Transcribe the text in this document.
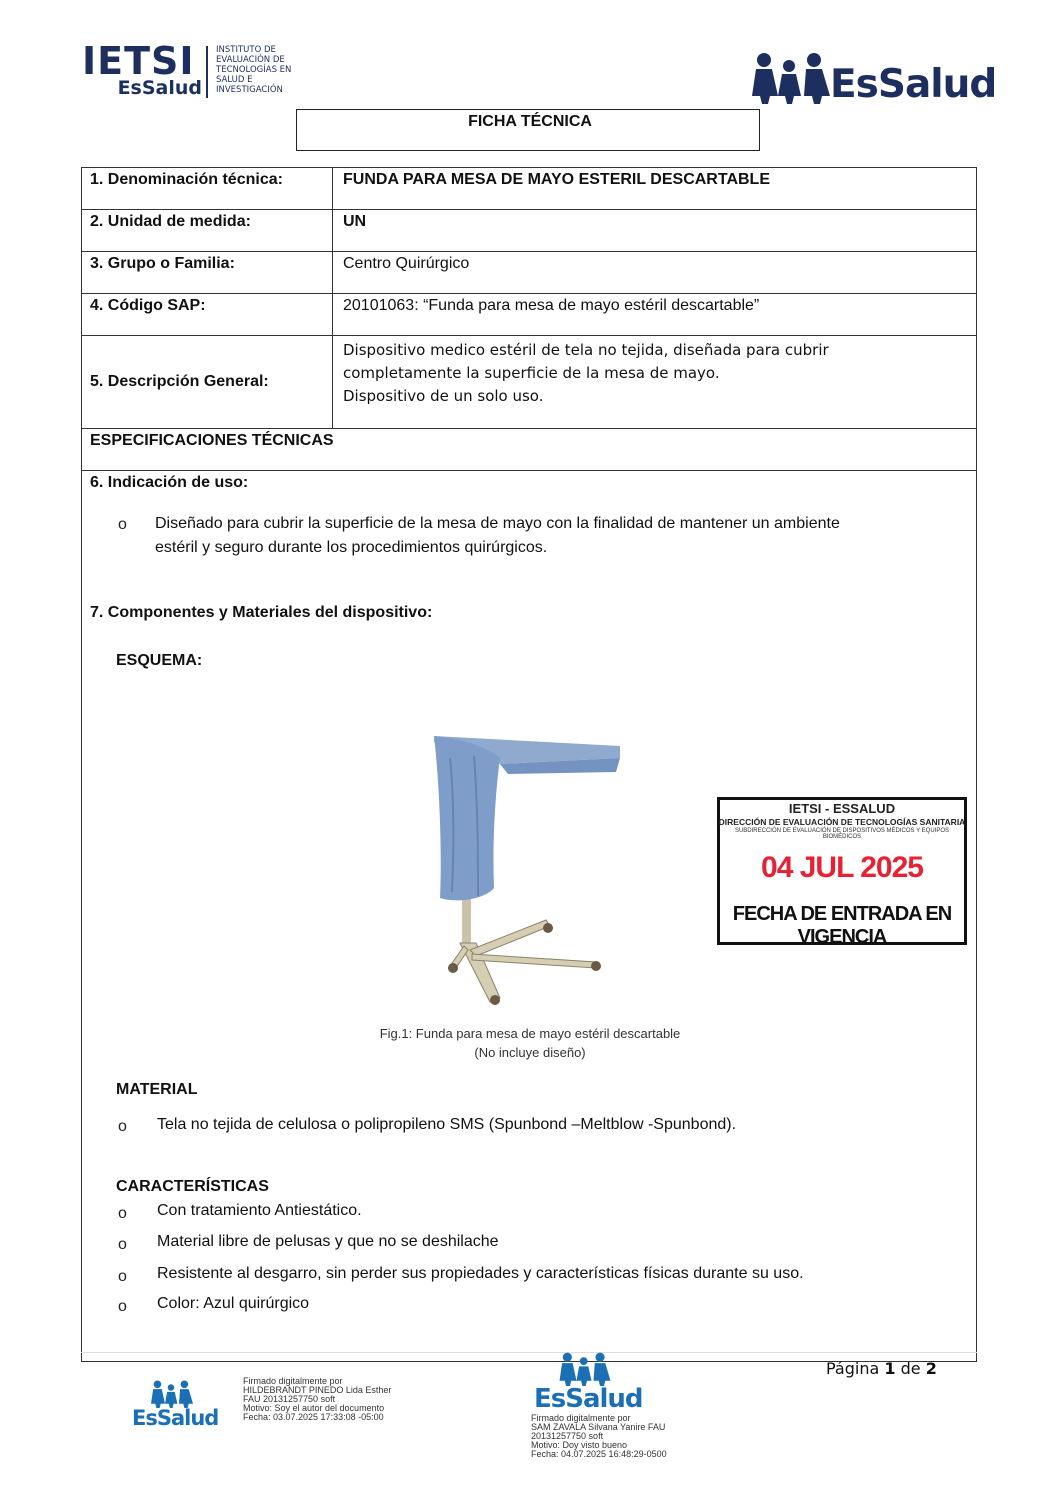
IETSI
EsSalud
INSTITUTO DE
EVALUACIÓN DE
TECNOLOGÍAS EN
SALUD E
INVESTIGACIÓN	EsSalud
FICHA TÉCNICA
1. Denominación técnica:	FUNDA PARA MESA DE MAYO ESTERIL DESCARTABLE
2. Unidad de medida:	UN
3. Grupo o Familia:	Centro Quirúrgico
4. Código SAP:	20101063: “Funda para mesa de mayo estéril descartable”
5. Descripción General:
Dispositivo medico estéril de tela no tejida, diseñada para cubrir
completamente la superficie de la mesa de mayo.
Dispositivo de un solo uso.
ESPECIFICACIONES TÉCNICAS
6. Indicación de uso:
o Diseñado para cubrir la superficie de la mesa de mayo con la finalidad de mantener un ambiente
estéril y seguro durante los procedimientos quirúrgicos.
7. Componentes y Materiales del dispositivo:
ESQUEMA:
Fig.1: Funda para mesa de mayo estéril descartable
(No incluye diseño)
IETSI - ESSALUD
DIRECCIÓN DE EVALUACIÓN DE TECNOLOGÍAS SANITARIA
SUBDIRECCIÓN DE EVALUACIÓN DE DISPOSITIVOS MÉDICOS Y EQUIPOS BIOMÉDICOS
04 JUL 2025
FECHA DE ENTRADA EN VIGENCIA
MATERIAL
o Tela no tejida de celulosa o polipropileno SMS (Spunbond –Meltblow -Spunbond).
CARACTERÍSTICAS
o Con tratamiento Antiestático.
o Material libre de pelusas y que no se deshilache
o Resistente al desgarro, sin perder sus propiedades y características físicas durante su uso.
o Color: Azul quirúrgico
Página 1 de 2
EsSalud
Firmado digitalmente por
HILDEBRANDT PINEDO Lida Esther
FAU 20131257750 soft
Motivo: Soy el autor del documento
Fecha: 03.07.2025 17:33:08 -05:00
EsSalud
Firmado digitalmente por
SAM ZAVALA Silvana Yanire FAU
20131257750 soft
Motivo: Doy visto bueno
Fecha: 04.07.2025 16:48:29-0500
